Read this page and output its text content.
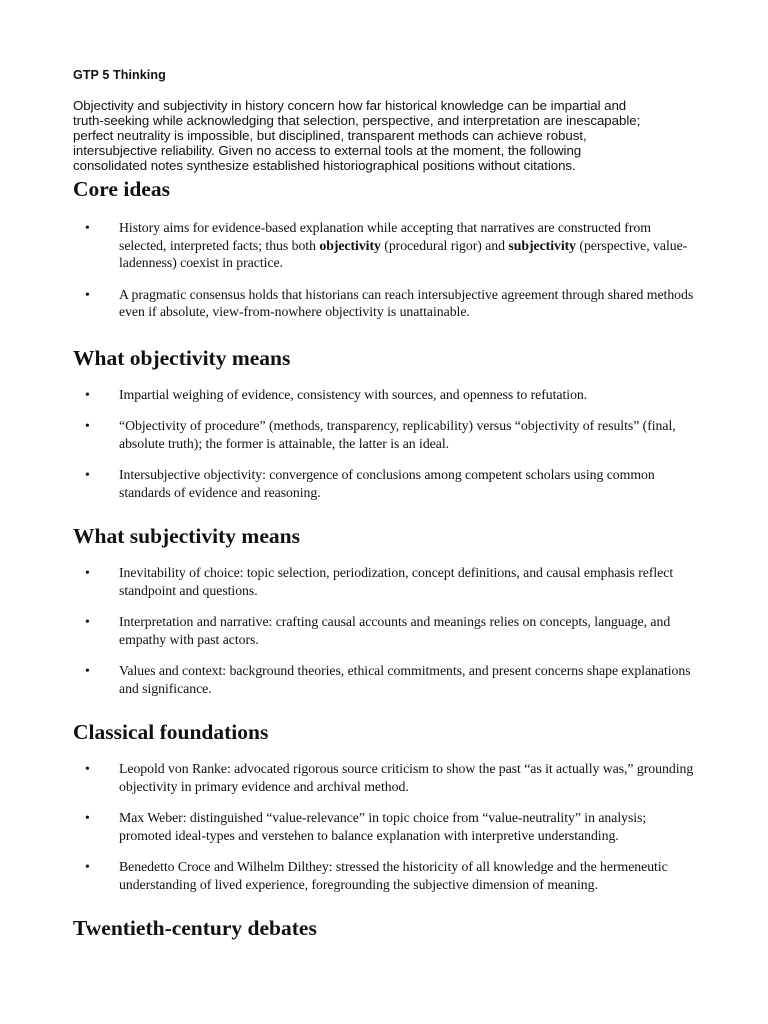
GTP 5 Thinking
Objectivity and subjectivity in history concern how far historical knowledge can be impartial and
truth-seeking while acknowledging that selection, perspective, and interpretation are inescapable;
perfect neutrality is impossible, but disciplined, transparent methods can achieve robust,
intersubjective reliability. Given no access to external tools at the moment, the following
consolidated notes synthesize established historiographical positions without citations.
Core ideas
• History aims for evidence-based explanation while accepting that narratives are constructed from selected, interpreted facts; thus both objectivity (procedural rigor) and subjectivity (perspective, value-ladenness) coexist in practice.
• A pragmatic consensus holds that historians can reach intersubjective agreement through shared methods even if absolute, view-from-nowhere objectivity is unattainable.
What objectivity means
• Impartial weighing of evidence, consistency with sources, and openness to refutation.
• “Objectivity of procedure” (methods, transparency, replicability) versus “objectivity of results” (final, absolute truth); the former is attainable, the latter is an ideal.
• Intersubjective objectivity: convergence of conclusions among competent scholars using common standards of evidence and reasoning.
What subjectivity means
• Inevitability of choice: topic selection, periodization, concept definitions, and causal emphasis reflect standpoint and questions.
• Interpretation and narrative: crafting causal accounts and meanings relies on concepts, language, and empathy with past actors.
• Values and context: background theories, ethical commitments, and present concerns shape explanations and significance.
Classical foundations
• Leopold von Ranke: advocated rigorous source criticism to show the past “as it actually was,” grounding objectivity in primary evidence and archival method.
• Max Weber: distinguished “value-relevance” in topic choice from “value-neutrality” in analysis; promoted ideal-types and verstehen to balance explanation with interpretive understanding.
• Benedetto Croce and Wilhelm Dilthey: stressed the historicity of all knowledge and the hermeneutic understanding of lived experience, foregrounding the subjective dimension of meaning.
Twentieth-century debates
